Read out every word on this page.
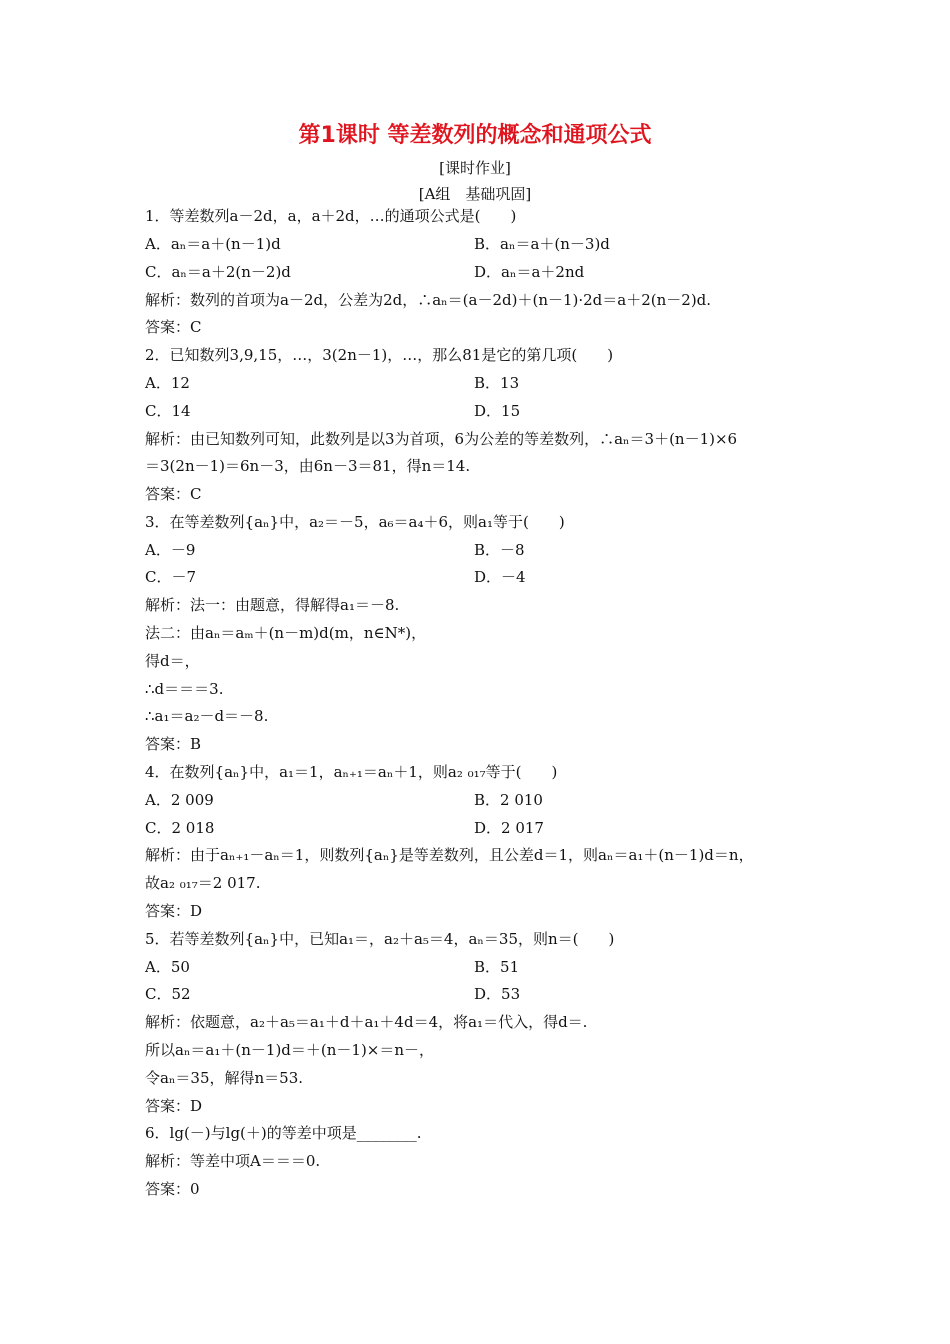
第1课时 等差数列的概念和通项公式
[课时作业]
[A组　基础巩固]
1．等差数列a－2d，a，a＋2d，…的通项公式是(　　)
A．aₙ＝a＋(n－1)d	B．aₙ＝a＋(n－3)d
C．aₙ＝a＋2(n－2)d	D．aₙ＝a＋2nd
解析：数列的首项为a－2d，公差为2d，∴aₙ＝(a－2d)＋(n－1)·2d＝a＋2(n－2)d.
答案：C
2．已知数列3,9,15，…，3(2n－1)，…，那么81是它的第几项(　　)
A．12	B．13
C．14	D．15
解析：由已知数列可知，此数列是以3为首项，6为公差的等差数列，∴aₙ＝3＋(n－1)×6
＝3(2n－1)＝6n－3，由6n－3＝81，得n＝14.
答案：C
3．在等差数列{aₙ}中，a₂＝－5，a₆＝a₄＋6，则a₁等于(　　)
A．－9	B．－8
C．－7	D．－4
解析：法一：由题意，得解得a₁＝－8.
法二：由aₙ＝aₘ＋(n－m)d(m，n∈N*)，
得d＝，
∴d＝＝＝3.
∴a₁＝a₂－d＝－8.
答案：B
4．在数列{aₙ}中，a₁＝1，aₙ₊₁＝aₙ＋1，则a₂ ₀₁₇等于(　　)
A．2 009	B．2 010
C．2 018	D．2 017
解析：由于aₙ₊₁－aₙ＝1，则数列{aₙ}是等差数列，且公差d＝1，则aₙ＝a₁＋(n－1)d＝n，
故a₂ ₀₁₇＝2 017.
答案：D
5．若等差数列{aₙ}中，已知a₁＝，a₂＋a₅＝4，aₙ＝35，则n＝(　　)
A．50	B．51
C．52	D．53
解析：依题意，a₂＋a₅＝a₁＋d＋a₁＋4d＝4，将a₁＝代入，得d＝.
所以aₙ＝a₁＋(n－1)d＝＋(n－1)×＝n－，
令aₙ＝35，解得n＝53.
答案：D
6．lg(－)与lg(＋)的等差中项是________.
解析：等差中项A＝＝＝0.
答案：0
